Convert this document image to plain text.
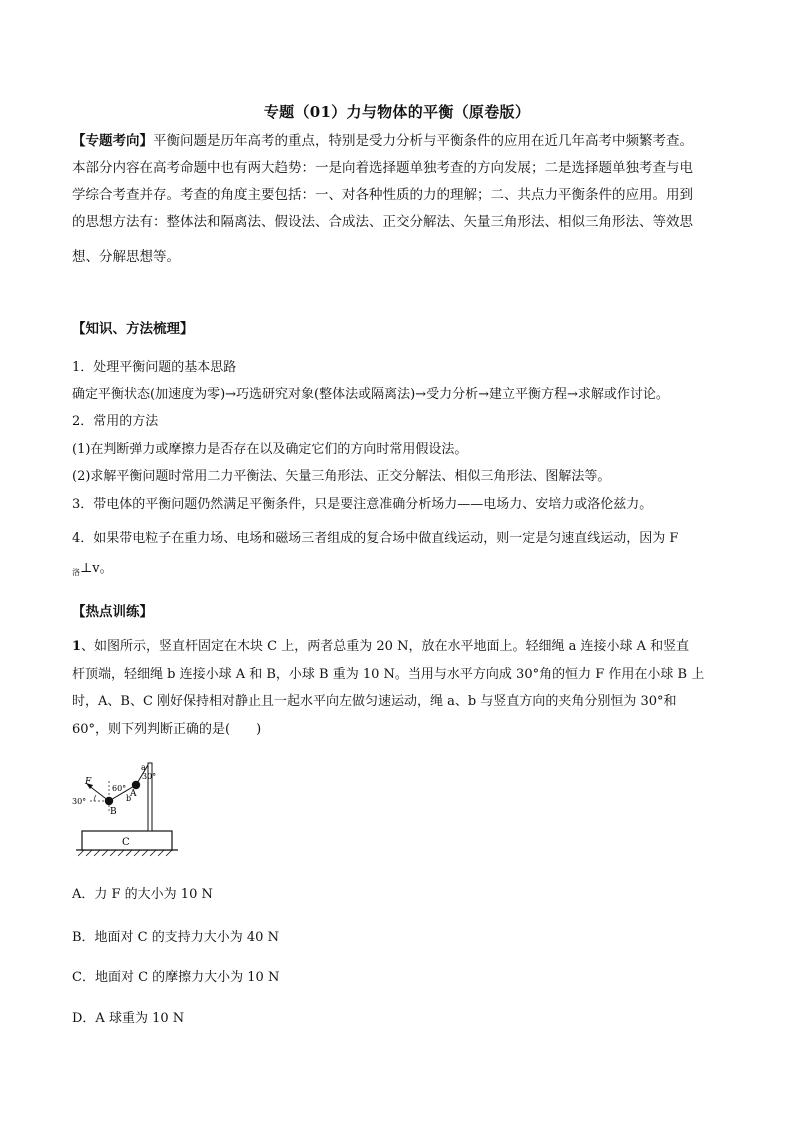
专题（01）力与物体的平衡（原卷版）
【专题考向】平衡问题是历年高考的重点，特别是受力分析与平衡条件的应用在近几年高考中频繁考查。
本部分内容在高考命题中也有两大趋势：一是向着选择题单独考查的方向发展；二是选择题单独考查与电
学综合考查并存。考查的角度主要包括：一、对各种性质的力的理解；二、共点力平衡条件的应用。用到
的思想方法有：整体法和隔离法、假设法、合成法、正交分解法、矢量三角形法、相似三角形法、等效思
想、分解思想等。
【知识、方法梳理】
1．处理平衡问题的基本思路
确定平衡状态(加速度为零)→巧选研究对象(整体法或隔离法)→受力分析→建立平衡方程→求解或作讨论。
2．常用的方法
(1)在判断弹力或摩擦力是否存在以及确定它们的方向时常用假设法。
(2)求解平衡问题时常用二力平衡法、矢量三角形法、正交分解法、相似三角形法、图解法等。
3．带电体的平衡问题仍然满足平衡条件，只是要注意准确分析场力——电场力、安培力或洛伦兹力。
4．如果带电粒子在重力场、电场和磁场三者组成的复合场中做直线运动，则一定是匀速直线运动，因为 F
$_洛$⊥v。
【热点训练】
1、如图所示，竖直杆固定在木块 C 上，两者总重为 20 N，放在水平地面上。轻细绳 a 连接小球 A 和竖直
杆顶端，轻细绳 b 连接小球 A 和 B，小球 B 重为 10 N。当用与水平方向成 30°角的恒力 F 作用在小球 B 上
时，A、B、C 刚好保持相对静止且一起水平向左做匀速运动，绳 a、b 与竖直方向的夹角分别恒为 30°和
60°，则下列判断正确的是(　　)
C
F
30°
60°
30°
a
A
b
B
A．力 F 的大小为 10 N
B．地面对 C 的支持力大小为 40 N
C．地面对 C 的摩擦力大小为 10 N
D．A 球重为 10 N
